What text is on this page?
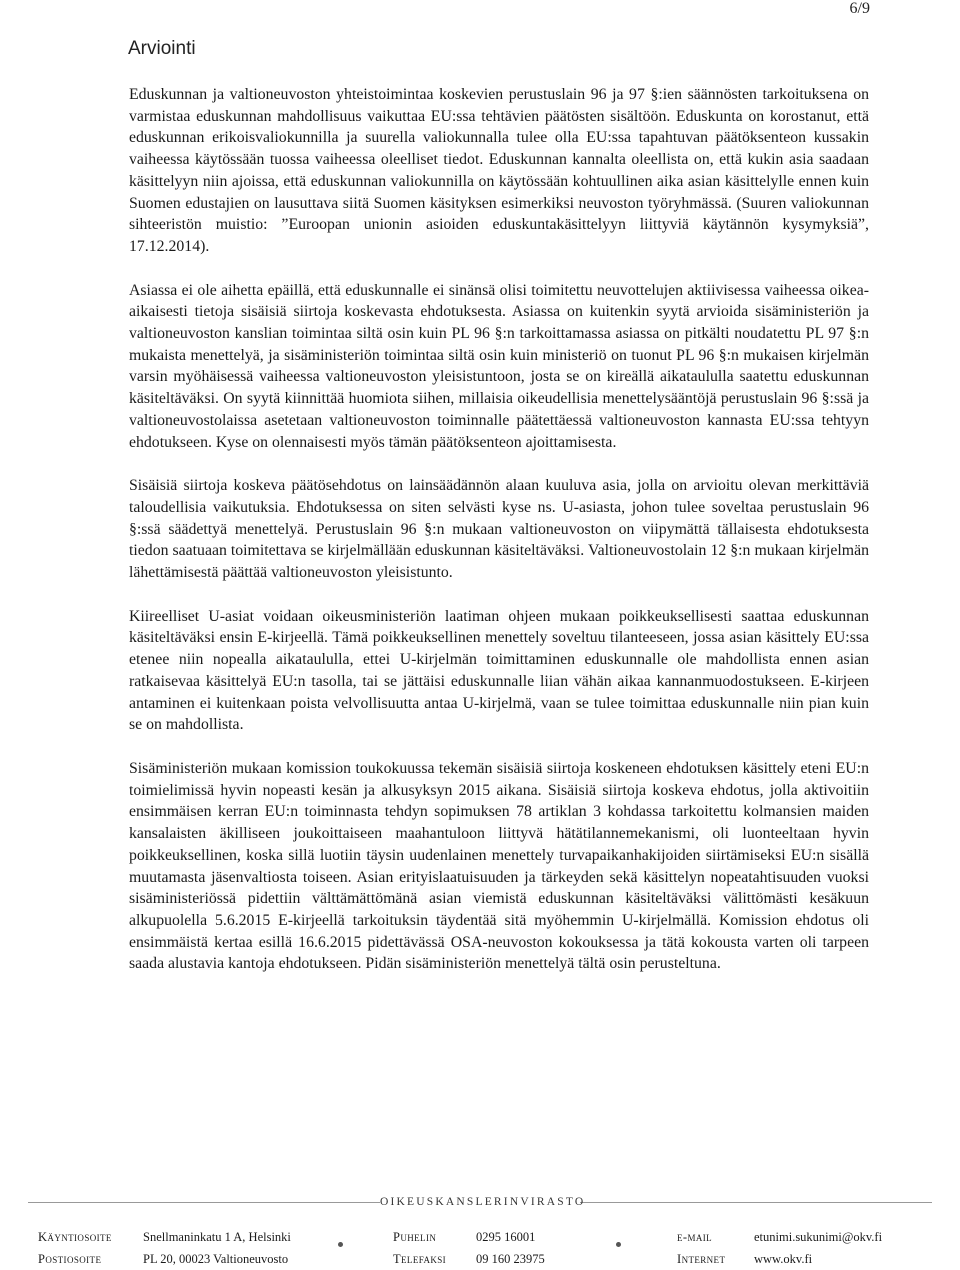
6/9
Arviointi

Eduskunnan ja valtioneuvoston yhteistoimintaa koskevien perustuslain 96 ja 97 §:ien säännösten tarkoituksena on varmistaa eduskunnan mahdollisuus vaikuttaa EU:ssa tehtävien päätösten sisältöön. Eduskunta on korostanut, että eduskunnan erikoisvaliokunnilla ja suurella valiokunnalla tulee olla EU:ssa tapahtuvan päätöksenteon kussakin vaiheessa käytössään tuossa vaiheessa oleelliset tiedot. Eduskunnan kannalta oleellista on, että kukin asia saadaan käsittelyyn niin ajoissa, että eduskunnan valiokunnilla on käytössään kohtuullinen aika asian käsittelylle ennen kuin Suomen edustajien on lausuttava siitä Suomen käsityksen esimerkiksi neuvoston työryhmässä. (Suuren valiokunnan sihteeristön muistio: ”Euroopan unionin asioiden eduskuntakäsittelyyn liittyviä käytännön kysymyksiä”, 17.12.2014).

Asiassa ei ole aihetta epäillä, että eduskunnalle ei sinänsä olisi toimitettu neuvottelujen aktiivisessa vaiheessa oikea-aikaisesti tietoja sisäisiä siirtoja koskevasta ehdotuksesta. Asiassa on kuitenkin syytä arvioida sisäministeriön ja valtioneuvoston kanslian toimintaa siltä osin kuin PL 96 §:n tarkoittamassa asiassa on pitkälti noudatettu PL 97 §:n mukaista menettelyä, ja sisäministeriön toimintaa siltä osin kuin ministeriö on tuonut PL 96 §:n mukaisen kirjelmän varsin myöhäisessä vaiheessa valtioneuvoston yleisistuntoon, josta se on kireällä aikataululla saatettu eduskunnan käsiteltäväksi. On syytä kiinnittää huomiota siihen, millaisia oikeudellisia menettelysääntöjä perustuslain 96 §:ssä ja valtioneuvostolaissa asetetaan valtioneuvoston toiminnalle päätettäessä valtioneuvoston kannasta EU:ssa tehtyyn ehdotukseen. Kyse on olennaisesti myös tämän päätöksenteon ajoittamisesta.

Sisäisiä siirtoja koskeva päätösehdotus on lainsäädännön alaan kuuluva asia, jolla on arvioitu olevan merkittäviä taloudellisia vaikutuksia. Ehdotuksessa on siten selvästi kyse ns. U-asiasta, johon tulee soveltaa perustuslain 96 §:ssä säädettyä menettelyä. Perustuslain 96 §:n mukaan valtioneuvoston on viipymättä tällaisesta ehdotuksesta tiedon saatuaan toimitettava se kirjelmällään eduskunnan käsiteltäväksi. Valtioneuvostolain 12 §:n mukaan kirjelmän lähettämisestä päättää valtioneuvoston yleisistunto.

Kiireelliset U-asiat voidaan oikeusministeriön laatiman ohjeen mukaan poikkeuksellisesti saattaa eduskunnan käsiteltäväksi ensin E-kirjeellä. Tämä poikkeuksellinen menettely soveltuu tilanteeseen, jossa asian käsittely EU:ssa etenee niin nopealla aikataululla, ettei U-kirjelmän toimittaminen eduskunnalle ole mahdollista ennen asian ratkaisevaa käsittelyä EU:n tasolla, tai se jättäisi eduskunnalle liian vähän aikaa kannanmuodostukseen. E-kirjeen antaminen ei kuitenkaan poista velvollisuutta antaa U-kirjelmä, vaan se tulee toimittaa eduskunnalle niin pian kuin se on mahdollista.

Sisäministeriön mukaan komission toukokuussa tekemän sisäisiä siirtoja koskeneen ehdotuksen käsittely eteni EU:n toimielimissä hyvin nopeasti kesän ja alkusyksyn 2015 aikana. Sisäisiä siirtoja koskeva ehdotus, jolla aktivoitiin ensimmäisen kerran EU:n toiminnasta tehdyn sopimuksen 78 artiklan 3 kohdassa tarkoitettu kolmansien maiden kansalaisten äkilliseen joukoittaiseen maahantuloon liittyvä hätätilannemekanismi, oli luonteeltaan hyvin poikkeuksellinen, koska sillä luotiin täysin uudenlainen menettely turvapaikanhakijoiden siirtämiseksi EU:n sisällä muutamasta jäsenvaltiosta toiseen. Asian erityislaatuisuuden ja tärkeyden sekä käsittelyn nopeatahtisuuden vuoksi sisäministeriössä pidettiin välttämättömänä asian viemistä eduskunnan käsiteltäväksi välittömästi kesäkuun alkupuolella 5.6.2015 E-kirjeellä tarkoituksin täydentää sitä myöhemmin U-kirjelmällä. Komission ehdotus oli ensimmäistä kertaa esillä 16.6.2015 pidettävässä OSA-neuvoston kokouksessa ja tätä kokousta varten oli tarpeen saada alustavia kantoja ehdotukseen. Pidän sisäministeriön menettelyä tältä osin perusteltuna.

OIKEUSKANSLERINVIRASTO
Käyntiosoite Snellmaninkatu 1 A, Helsinki	Puhelin	0295 16001	e-mail	etunimi.sukunimi@okv.fi
Postiosoite	PL 20, 00023 Valtioneuvosto	Telefaksi 09 160 23975	Internet www.okv.fi
